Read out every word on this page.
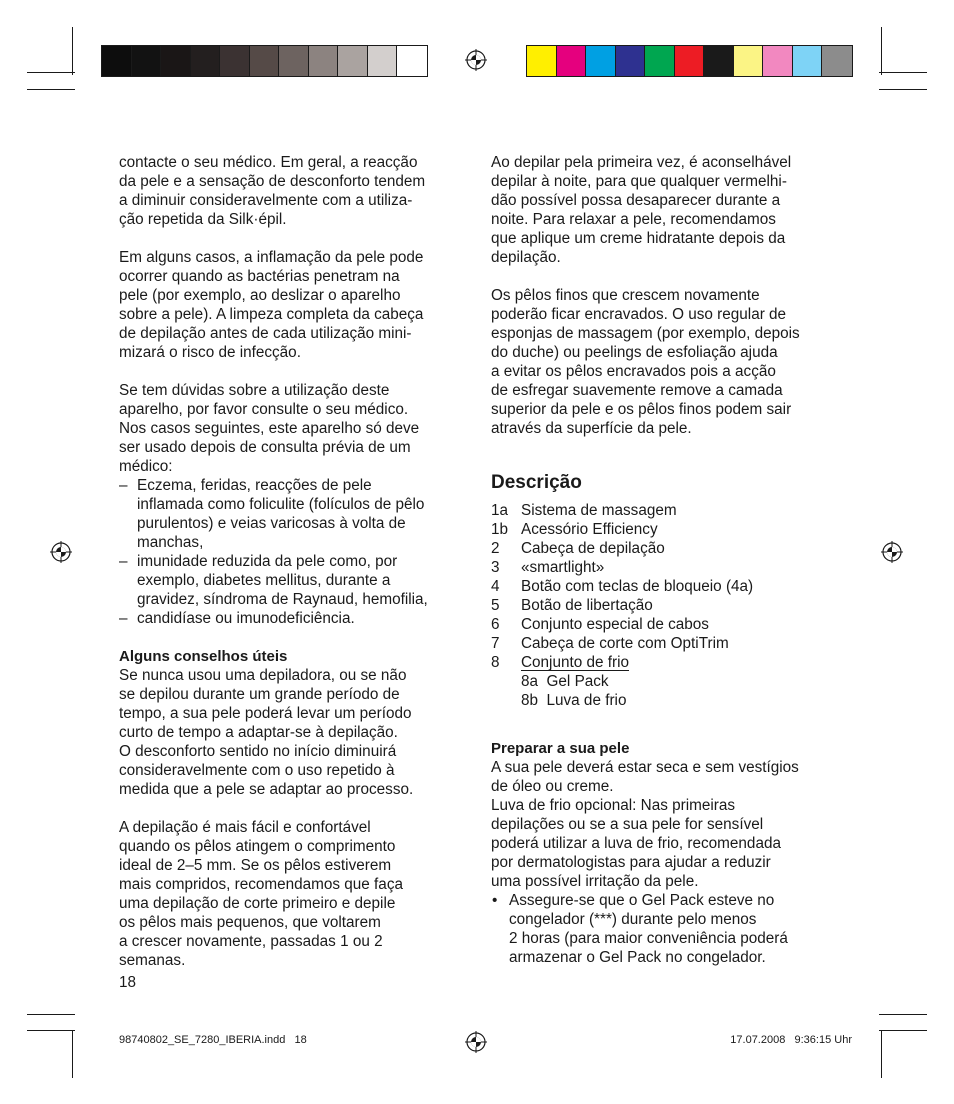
contacte o seu médico. Em geral, a reacção
da pele e a sensação de desconforto tendem
a diminuir consideravelmente com a utiliza-
ção repetida da Silk·épil.

Em alguns casos, a inflamação da pele pode
ocorrer quando as bactérias penetram na
pele (por exemplo, ao deslizar o aparelho
sobre a pele). A limpeza completa da cabeça
de depilação antes de cada utilização mini-
mizará o risco de infecção.

Se tem dúvidas sobre a utilização deste
aparelho, por favor consulte o seu médico.
Nos casos seguintes, este aparelho só deve
ser usado depois de consulta prévia de um
médico:

– Eczema, feridas, reacções de pele
inflamada como foliculite (folículos de pêlo
purulentos) e veias varicosas à volta de
manchas,
– imunidade reduzida da pele como, por
exemplo, diabetes mellitus, durante a
gravidez, síndroma de Raynaud, hemofilia,
– candidíase ou imunodeficiência.

Alguns conselhos úteis

Se nunca usou uma depiladora, ou se não
se depilou durante um grande período de
tempo, a sua pele poderá levar um período
curto de tempo a adaptar-se à depilação.
O desconforto sentido no início diminuirá
consideravelmente com o uso repetido à
medida que a pele se adaptar ao processo.

A depilação é mais fácil e confortável
quando os pêlos atingem o comprimento
ideal de 2–5 mm. Se os pêlos estiverem
mais compridos, recomendamos que faça
uma depilação de corte primeiro e depile
os pêlos mais pequenos, que voltarem
a crescer novamente, passadas 1 ou 2
semanas.

18

Ao depilar pela primeira vez, é aconselhável
depilar à noite, para que qualquer vermelhi-
dão possível possa desaparecer durante a
noite. Para relaxar a pele, recomendamos
que aplique um creme hidratante depois da
depilação.

Os pêlos finos que crescem novamente
poderão ficar encravados. O uso regular de
esponjas de massagem (por exemplo, depois
do duche) ou peelings de esfoliação ajuda
a evitar os pêlos encravados pois a acção
de esfregar suavemente remove a camada
superior da pele e os pêlos finos podem sair
através da superfície da pele.

Descrição

1a Sistema de massagem
1b Acessório Efficiency
2	Cabeça de depilação
3	«smartlight»
4	Botão com teclas de bloqueio (4a)
5	Botão de libertação
6	Conjunto especial de cabos
7	Cabeça de corte com OptiTrim
8	Conjunto de frio
8a  Gel Pack
8b  Luva de frio

Preparar a sua pele

A sua pele deverá estar seca e sem vestígios
de óleo ou creme.
Luva de frio opcional: Nas primeiras
depilações ou se a sua pele for sensível
poderá utilizar a luva de frio, recomendada
por dermatologistas para ajudar a reduzir
uma possível irritação da pele.

• Assegure-se que o Gel Pack esteve no
congelador (***) durante pelo menos
2 horas (para maior conveniência poderá
armazenar o Gel Pack no congelador.
98740802_SE_7280_IBERIA.indd   18	17.07.2008   9:36:15 Uhr
